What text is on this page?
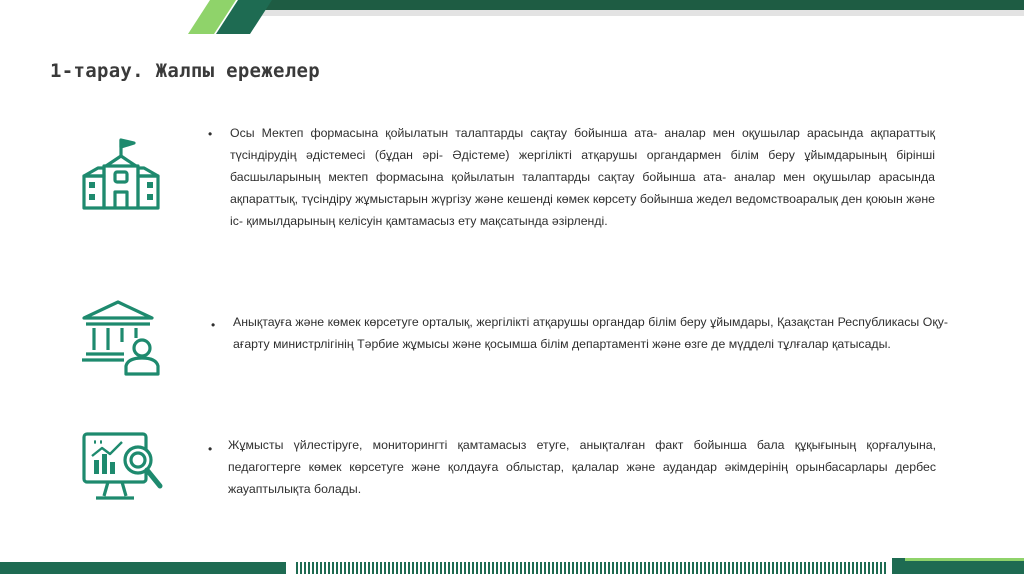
1-тарау. Жалпы ережелер
• Осы Мектеп формасына қойылатын талаптарды сақтау бойынша ата- аналар мен оқушылар арасында ақпараттық түсіндірудің әдістемесі (бұдан әрі- Әдістеме) жергілікті атқарушы органдармен білім беру ұйымдарының бірінші басшыларының мектеп формасына қойылатын талаптарды сақтау бойынша ата- аналар мен оқушылар арасында ақпараттық, түсіндіру жұмыстарын жүргізу және кешенді көмек көрсету бойынша жедел ведомствоаралық ден қоюын және іс- қимылдарының келісуін қамтамасыз ету мақсатында әзірленді.

• Анықтауға және көмек көрсетуге орталық, жергілікті атқарушы органдар білім беру ұйымдары, Қазақстан Республикасы Оқу- ағарту министрлігінің Тәрбие жұмысы және қосымша білім департаменті және өзге де мүдделі тұлғалар қатысады.

• Жұмысты үйлестіруге, мониторингті қамтамасыз етуге, анықталған факт бойынша бала құқығының қорғалуына, педагогтерге көмек көрсетуге және қолдауға облыстар, қалалар және аудандар әкімдерінің орынбасарлары дербес жауаптылықта болады.
